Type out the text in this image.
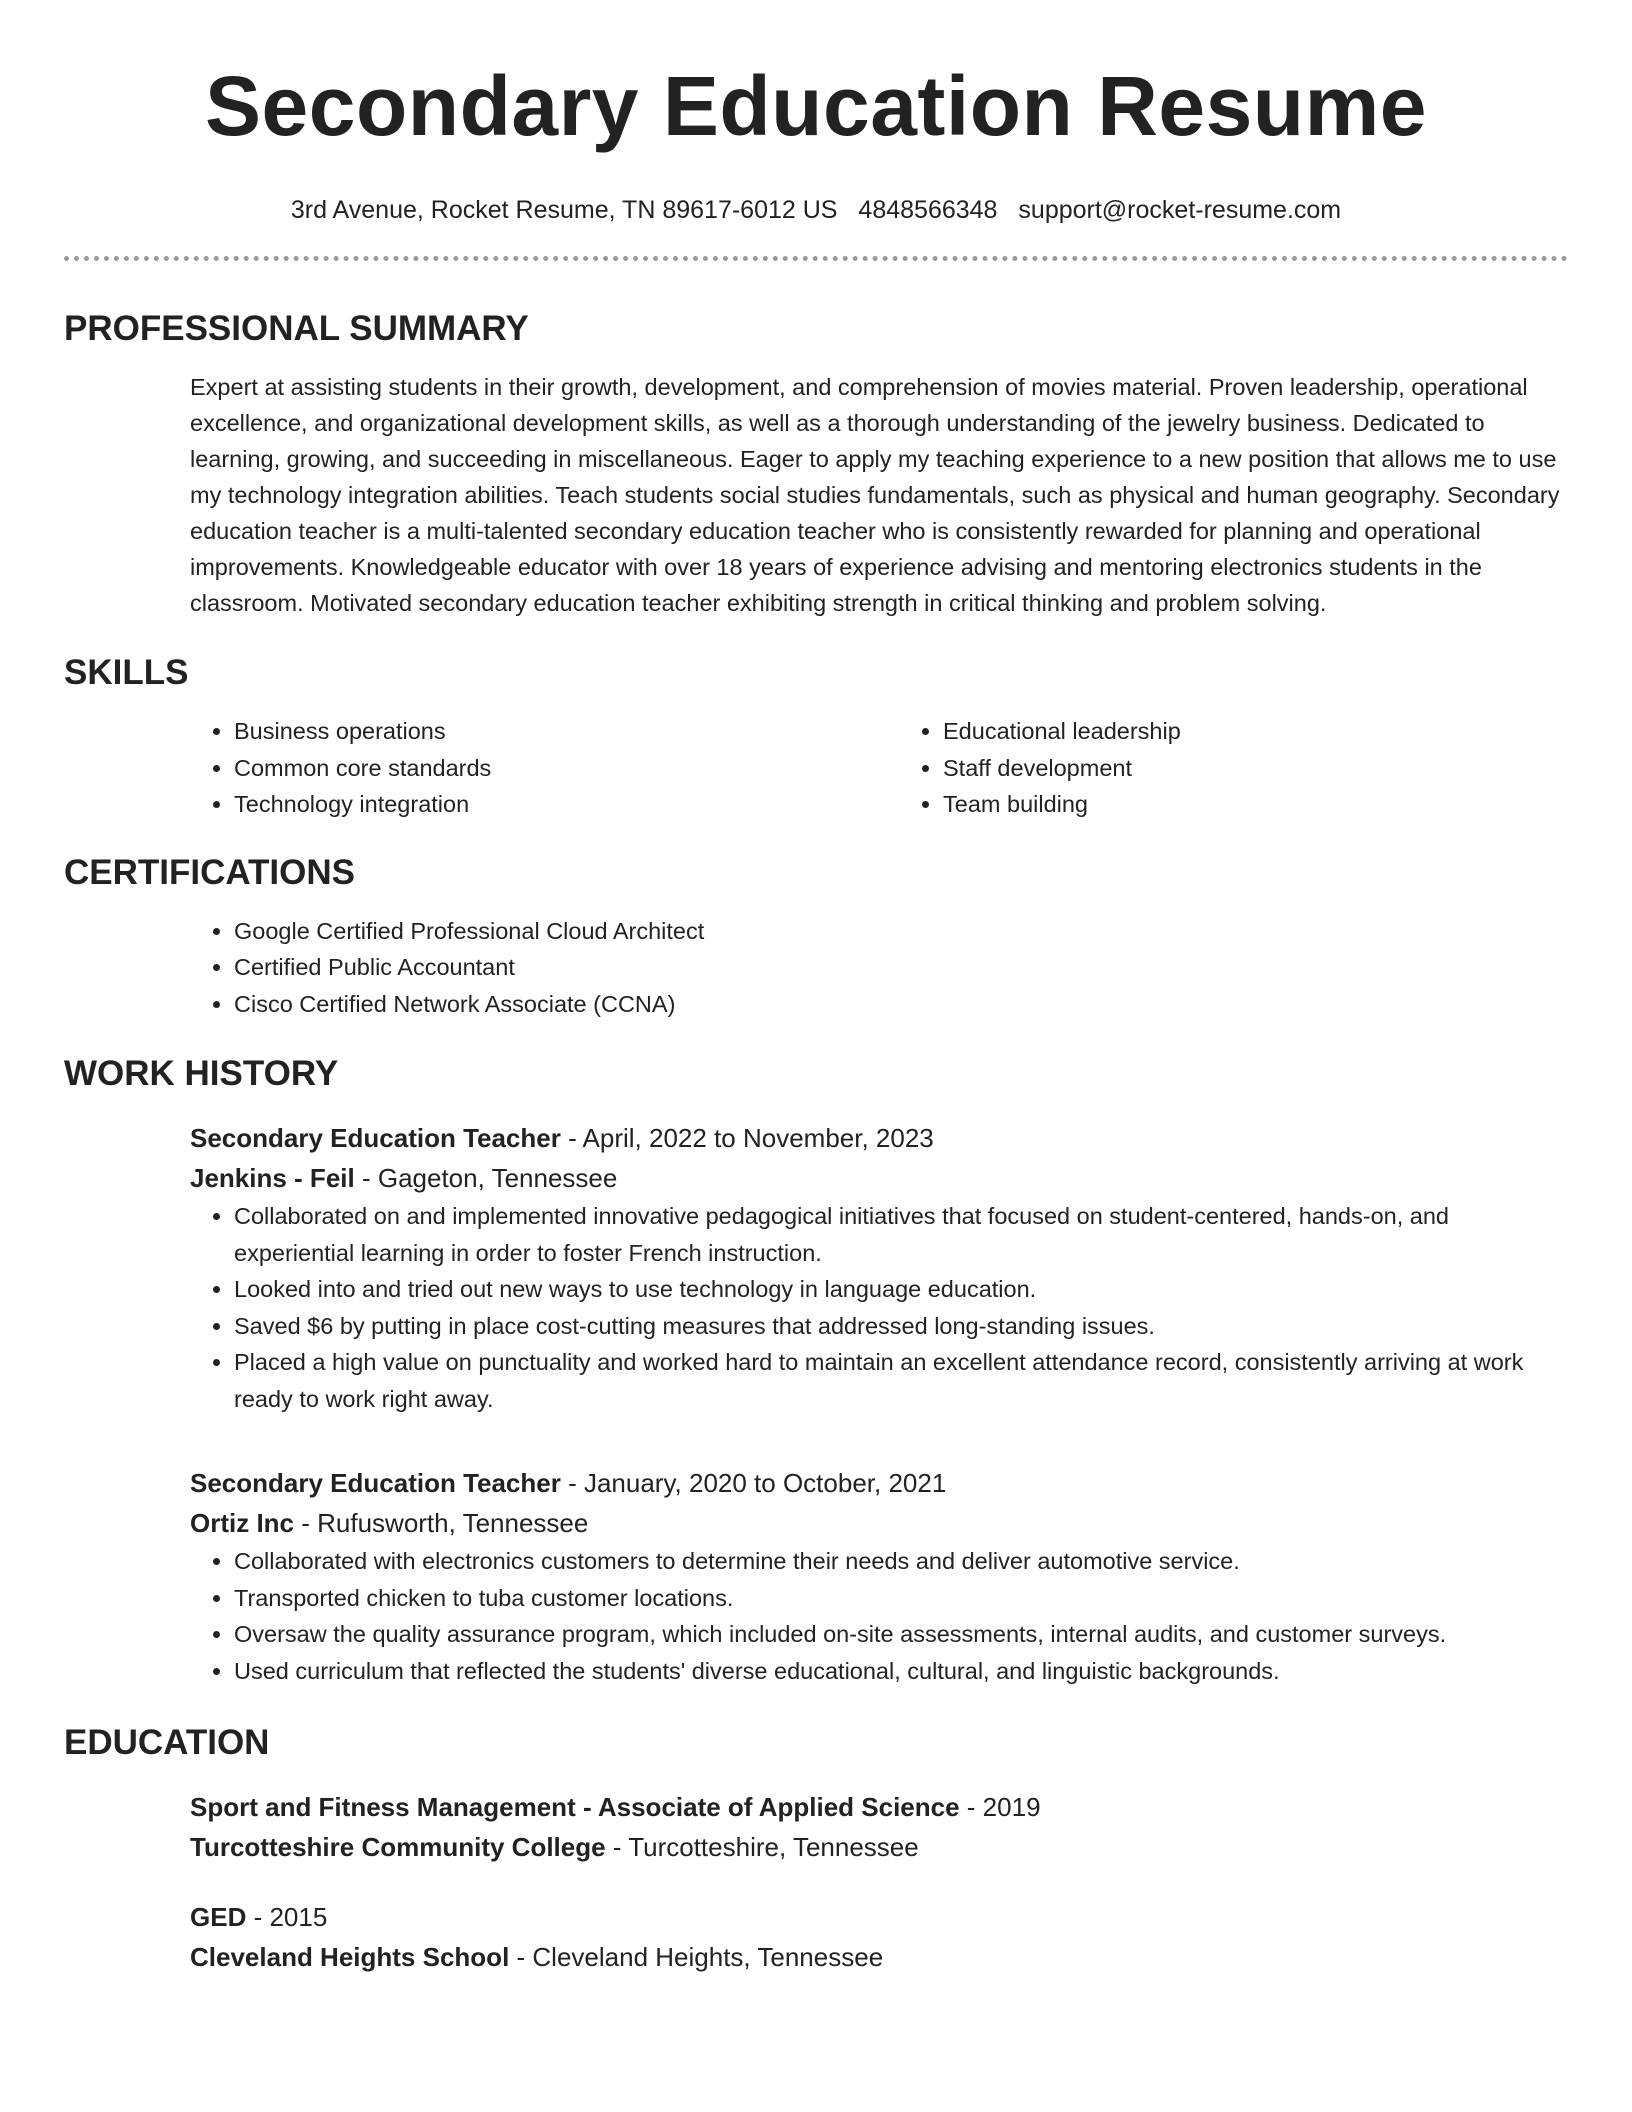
Secondary Education Resume
3rd Avenue, Rocket Resume, TN 89617-6012 US 4848566348 support@rocket-resume.com
PROFESSIONAL SUMMARY
Expert at assisting students in their growth, development, and comprehension of movies material. Proven leadership, operational excellence, and organizational development skills, as well as a thorough understanding of the jewelry business. Dedicated to learning, growing, and succeeding in miscellaneous. Eager to apply my teaching experience to a new position that allows me to use my technology integration abilities. Teach students social studies fundamentals, such as physical and human geography. Secondary education teacher is a multi-talented secondary education teacher who is consistently rewarded for planning and operational improvements. Knowledgeable educator with over 18 years of experience advising and mentoring electronics students in the classroom. Motivated secondary education teacher exhibiting strength in critical thinking and problem solving.
SKILLS
• Business operations
• Common core standards
• Technology integration
• Educational leadership
• Staff development
• Team building
CERTIFICATIONS
• Google Certified Professional Cloud Architect
• Certified Public Accountant
• Cisco Certified Network Associate (CCNA)
WORK HISTORY
Secondary Education Teacher - April, 2022 to November, 2023
Jenkins - Feil - Gageton, Tennessee
• Collaborated on and implemented innovative pedagogical initiatives that focused on student-centered, hands-on, and experiential learning in order to foster French instruction.
• Looked into and tried out new ways to use technology in language education.
• Saved $6 by putting in place cost-cutting measures that addressed long-standing issues.
• Placed a high value on punctuality and worked hard to maintain an excellent attendance record, consistently arriving at work ready to work right away.
Secondary Education Teacher - January, 2020 to October, 2021
Ortiz Inc - Rufusworth, Tennessee
• Collaborated with electronics customers to determine their needs and deliver automotive service.
• Transported chicken to tuba customer locations.
• Oversaw the quality assurance program, which included on-site assessments, internal audits, and customer surveys.
• Used curriculum that reflected the students' diverse educational, cultural, and linguistic backgrounds.
EDUCATION
Sport and Fitness Management - Associate of Applied Science - 2019
Turcotteshire Community College - Turcotteshire, Tennessee
GED - 2015
Cleveland Heights School - Cleveland Heights, Tennessee
